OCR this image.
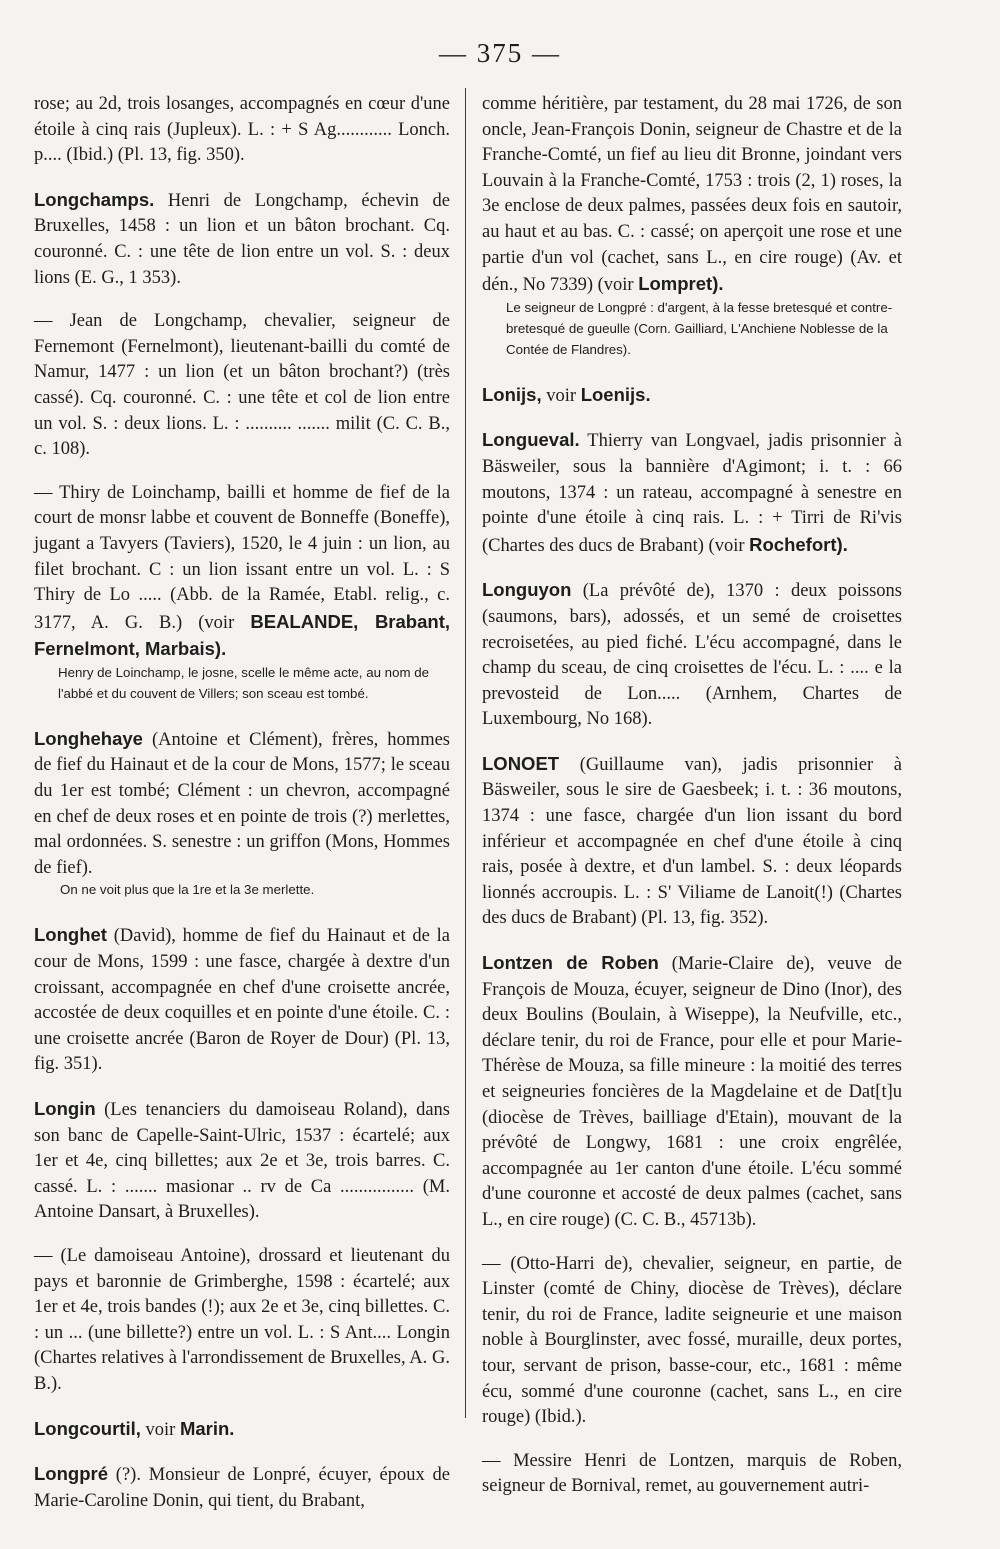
— 375 —

rose; au 2d, trois losanges, accompagnés en cœur d'une étoile à cinq rais (Jupleux). L. : + S Ag............ Lonch. p.... (Ibid.) (Pl. 13, fig. 350).

Longchamps. Henri de Longchamp, échevin de Bruxelles, 1458 : un lion et un bâton brochant. Cq. couronné. C. : une tête de lion entre un vol. S. : deux lions (E. G., 1 353).

— Jean de Longchamp, chevalier, seigneur de Fernemont (Fernelmont), lieutenant-bailli du comté de Namur, 1477 : un lion (et un bâton brochant?) (très cassé). Cq. couronné. C. : une tête et col de lion entre un vol. S. : deux lions. L. : .......... ....... milit (C. C. B., c. 108).

— Thiry de Loinchamp, bailli et homme de fief de la court de monsr labbe et couvent de Bonneffe (Boneffe), jugant a Tavyers (Taviers), 1520, le 4 juin : un lion, au filet brochant. C : un lion issant entre un vol. L. : S Thiry de Lo ..... (Abb. de la Ramée, Etabl. relig., c. 3177, A. G. B.) (voir BEALANDE, Brabant, Fernelmont, Marbais).

Henry de Loinchamp, le josne, scelle le même acte, au nom de l'abbé et du couvent de Villers; son sceau est tombé.

Longhehaye (Antoine et Clément), frères, hommes de fief du Hainaut et de la cour de Mons, 1577; le sceau du 1er est tombé; Clément : un chevron, accompagné en chef de deux roses et en pointe de trois (?) merlettes, mal ordonnées. S. senestre : un griffon (Mons, Hommes de fief).

On ne voit plus que la 1re et la 3e merlette.

Longhet (David), homme de fief du Hainaut et de la cour de Mons, 1599 : une fasce, chargée à dextre d'un croissant, accompagnée en chef d'une croisette ancrée, accostée de deux coquilles et en pointe d'une étoile. C. : une croisette ancrée (Baron de Royer de Dour) (Pl. 13, fig. 351).

Longin (Les tenanciers du damoiseau Roland), dans son banc de Capelle-Saint-Ulric, 1537 : écartelé; aux 1er et 4e, cinq billettes; aux 2e et 3e, trois barres. C. cassé. L. : ....... masionar .. rv de Ca ................ (M. Antoine Dansart, à Bruxelles).

— (Le damoiseau Antoine), drossard et lieutenant du pays et baronnie de Grimberghe, 1598 : écartelé; aux 1er et 4e, trois bandes (!); aux 2e et 3e, cinq billettes. C. : un ... (une billette?) entre un vol. L. : S Ant.... Longin (Chartes relatives à l'arrondissement de Bruxelles, A. G. B.).

Longcourtil, voir Marin.

Longpré (?). Monsieur de Lonpré, écuyer, époux de Marie-Caroline Donin, qui tient, du Brabant,

comme héritière, par testament, du 28 mai 1726, de son oncle, Jean-François Donin, seigneur de Chastre et de la Franche-Comté, un fief au lieu dit Bronne, joindant vers Louvain à la Franche-Comté, 1753 : trois (2, 1) roses, la 3e enclose de deux palmes, passées deux fois en sautoir, au haut et au bas. C. : cassé; on aperçoit une rose et une partie d'un vol (cachet, sans L., en cire rouge) (Av. et dén., No 7339) (voir Lompret).

Le seigneur de Longpré : d'argent, à la fesse bretesqué et contre-bretesqué de gueulle (Corn. Gailliard, L'Anchiene Noblesse de la Contée de Flandres).

Lonijs, voir Loenijs.

Longueval. Thierry van Longvael, jadis prisonnier à Bäsweiler, sous la bannière d'Agimont; i. t. : 66 moutons, 1374 : un rateau, accompagné à senestre en pointe d'une étoile à cinq rais. L. : + Tirri de Ri'vis (Chartes des ducs de Brabant) (voir Rochefort).

Longuyon (La prévôté de), 1370 : deux poissons (saumons, bars), adossés, et un semé de croisettes recroisetées, au pied fiché. L'écu accompagné, dans le champ du sceau, de cinq croisettes de l'écu. L. : .... e la prevosteid de Lon..... (Arnhem, Chartes de Luxembourg, No 168).

LONOET (Guillaume van), jadis prisonnier à Bäsweiler, sous le sire de Gaesbeek; i. t. : 36 moutons, 1374 : une fasce, chargée d'un lion issant du bord inférieur et accompagnée en chef d'une étoile à cinq rais, posée à dextre, et d'un lambel. S. : deux léopards lionnés accroupis. L. : S' Viliame de Lanoit(!) (Chartes des ducs de Brabant) (Pl. 13, fig. 352).

Lontzen de Roben (Marie-Claire de), veuve de François de Mouza, écuyer, seigneur de Dino (Inor), des deux Boulins (Boulain, à Wiseppe), la Neufville, etc., déclare tenir, du roi de France, pour elle et pour Marie-Thérèse de Mouza, sa fille mineure : la moitié des terres et seigneuries foncières de la Magdelaine et de Dat[t]u (diocèse de Trèves, bailliage d'Etain), mouvant de la prévôté de Longwy, 1681 : une croix engrêlée, accompagnée au 1er canton d'une étoile. L'écu sommé d'une couronne et accosté de deux palmes (cachet, sans L., en cire rouge) (C. C. B., 45713b).

— (Otto-Harri de), chevalier, seigneur, en partie, de Linster (comté de Chiny, diocèse de Trèves), déclare tenir, du roi de France, ladite seigneurie et une maison noble à Bourglinster, avec fossé, muraille, deux portes, tour, servant de prison, basse-cour, etc., 1681 : même écu, sommé d'une couronne (cachet, sans L., en cire rouge) (Ibid.).

— Messire Henri de Lontzen, marquis de Roben, seigneur de Bornival, remet, au gouvernement autri-
